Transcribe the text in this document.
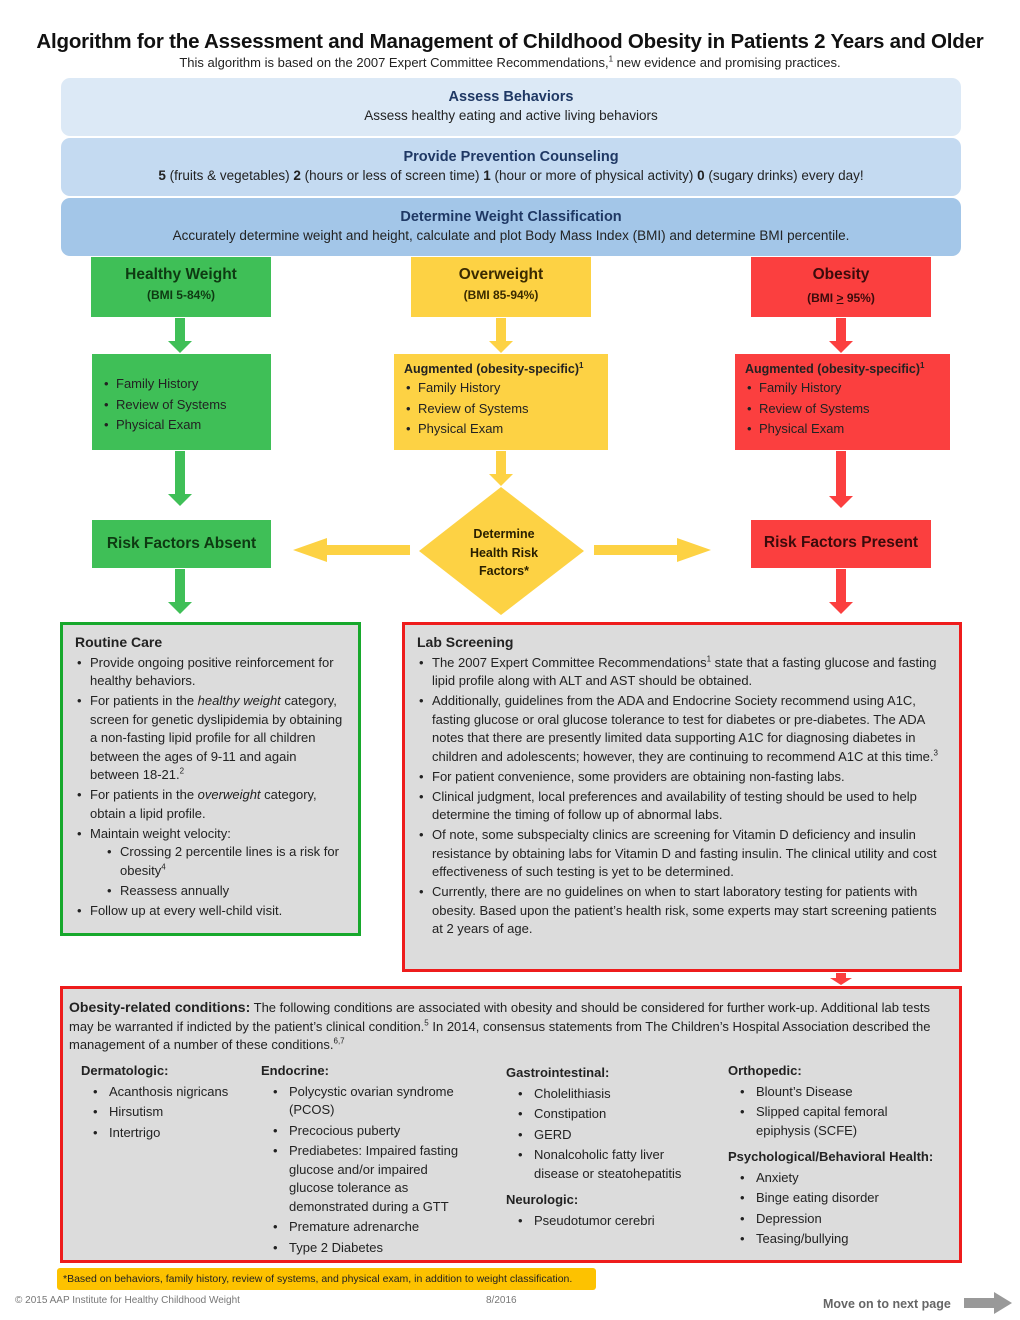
Algorithm for the Assessment and Management of Childhood Obesity in Patients 2 Years and Older
This algorithm is based on the 2007 Expert Committee Recommendations,$^1$ new evidence and promising practices.
Assess Behaviors
Assess healthy eating and active living behaviors
Provide Prevention Counseling
5 (fruits & vegetables) 2 (hours or less of screen time) 1 (hour or more of physical activity) 0 (sugary drinks) every day!
Determine Weight Classification
Accurately determine weight and height, calculate and plot Body Mass Index (BMI) and determine BMI percentile.
Healthy Weight
(BMI 5-84%)
Overweight
(BMI 85-94%)
Obesity
(BMI > 95%)
• Family History
• Review of Systems
• Physical Exam
Augmented (obesity-specific)$^1$
• Family History
• Review of Systems
• Physical Exam
Augmented (obesity-specific)$^1$
• Family History
• Review of Systems
• Physical Exam
Risk Factors Absent	Risk Factors Present
Determine
Health Risk
Factors*
Routine Care
• Provide ongoing positive reinforcement for healthy behaviors.
• For patients in the healthy weight category, screen for genetic dyslipidemia by obtaining a non-fasting lipid profile for all children between the ages of 9-11 and again between 18-21.$^2$
• For patients in the overweight category, obtain a lipid profile.
• Maintain weight velocity:
• Crossing 2 percentile lines is a risk for obesity$^4$
• Reassess annually
• Follow up at every well-child visit.
Lab Screening
• The 2007 Expert Committee Recommendations$^1$ state that a fasting glucose and fasting lipid profile along with ALT and AST should be obtained.
• Additionally, guidelines from the ADA and Endocrine Society recommend using A1C, fasting glucose or oral glucose tolerance to test for diabetes or pre-diabetes. The ADA notes that there are presently limited data supporting A1C for diagnosing diabetes in children and adolescents; however, they are continuing to recommend A1C at this time.$^3$
• For patient convenience, some providers are obtaining non-fasting labs.
• Clinical judgment, local preferences and availability of testing should be used to help determine the timing of follow up of abnormal labs.
• Of note, some subspecialty clinics are screening for Vitamin D deficiency and insulin resistance by obtaining labs for Vitamin D and fasting insulin. The clinical utility and cost effectiveness of such testing is yet to be determined.
• Currently, there are no guidelines on when to start laboratory testing for patients with obesity. Based upon the patient’s health risk, some experts may start screening patients at 2 years of age.
Obesity-related conditions: The following conditions are associated with obesity and should be considered for further work-up. Additional lab tests may be warranted if indicted by the patient’s clinical condition.$^5$ In 2014, consensus statements from The Children’s Hospital Association described the management of a number of these conditions.$^{6,7}$
Dermatologic:
• Acanthosis nigricans
• Hirsutism
• Intertrigo
Endocrine:
• Polycystic ovarian syndrome (PCOS)
• Precocious puberty
• Prediabetes: Impaired fasting glucose and/or impaired glucose tolerance as demonstrated during a GTT
• Premature adrenarche
• Type 2 Diabetes
Gastrointestinal:
• Cholelithiasis
• Constipation
• GERD
• Nonalcoholic fatty liver disease or steatohepatitis
Neurologic:
• Pseudotumor cerebri
Orthopedic:
• Blount’s Disease
• Slipped capital femoral epiphysis (SCFE)
Psychological/Behavioral Health:
• Anxiety
• Binge eating disorder
• Depression
• Teasing/bullying
*Based on behaviors, family history, review of systems, and physical exam, in addition to weight classification.
© 2015 AAP Institute for Healthy Childhood Weight	8/2016	Move on to next page
